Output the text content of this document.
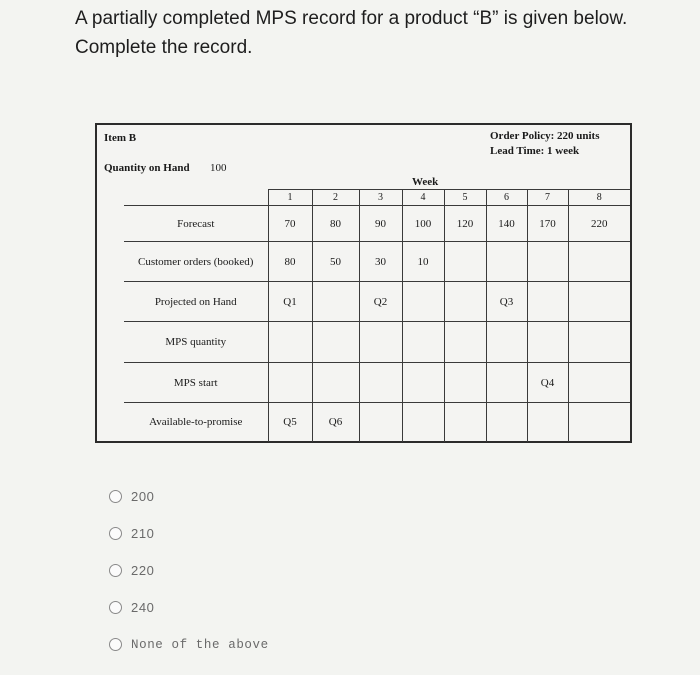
A partially completed MPS record for a product “B” is given below.

Complete the record.

Item B	Order Policy: 220 units
Lead Time: 1 week
Quantity on Hand 100
Week
	1	2	3	4	5	6	7	8
Forecast	70	80	90	100	120	140	170	220
Customer orders (booked)	80	50	30	10				
Projected on Hand	Q1		Q2			Q3		
MPS quantity								
MPS start							Q4	
Available-to-promise	Q5	Q6						
200
210
220
240
None of the above
